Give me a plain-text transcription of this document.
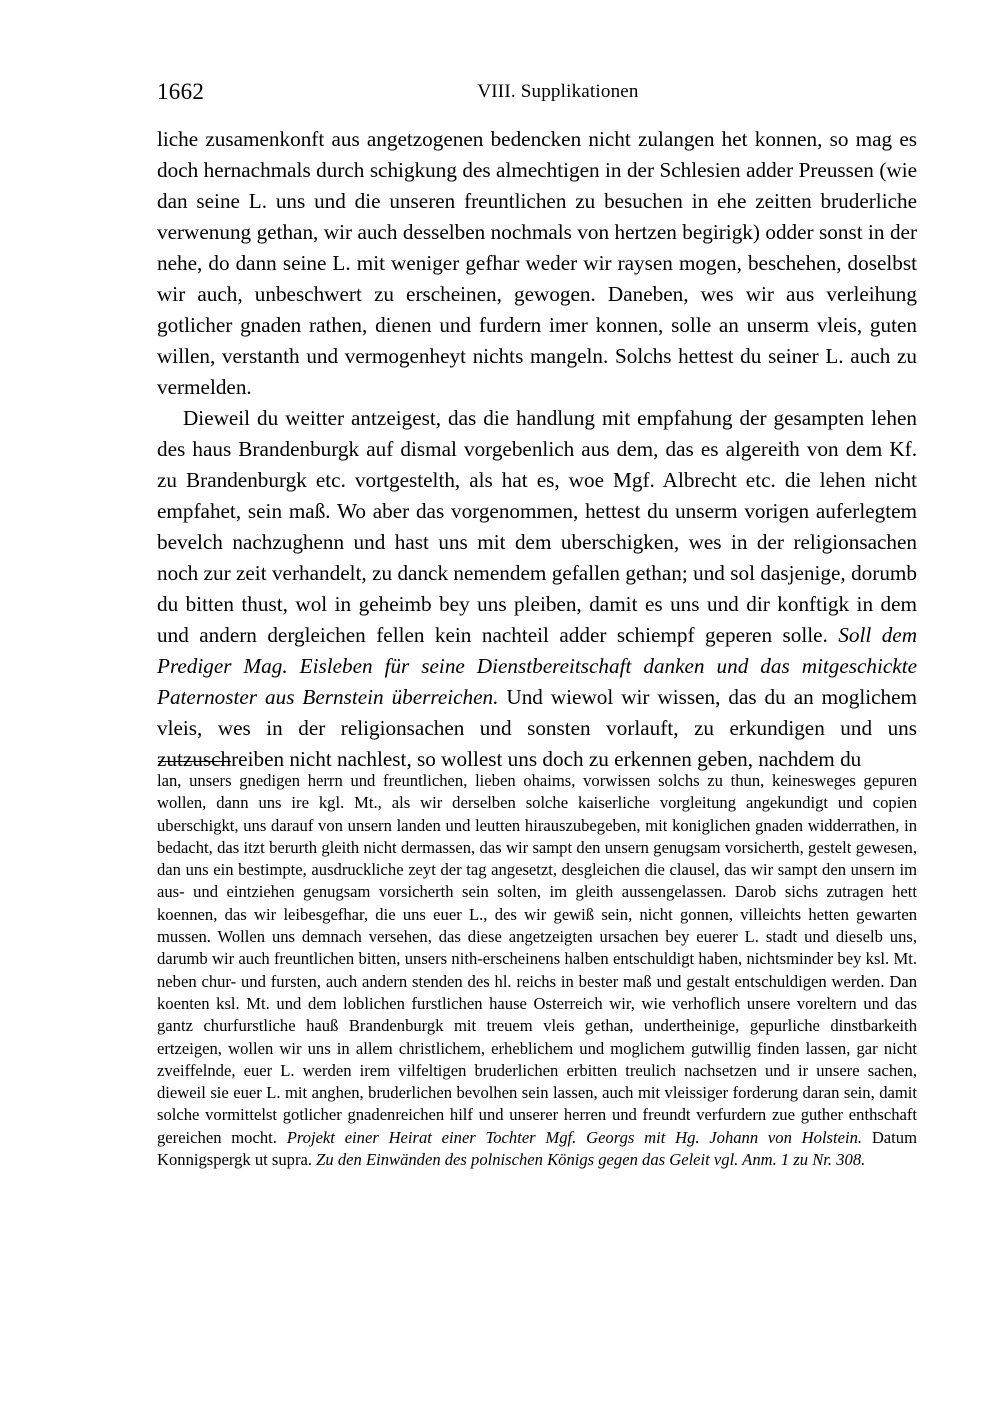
1662	VIII. Supplikationen

liche zusamenkonft aus angetzogenen bedencken nicht zulangen het konnen, so mag es doch hernachmals durch schigkung des almechtigen in der Schlesien adder Preussen (wie dan seine L. uns und die unseren freuntlichen zu besuchen in ehe zeitten bruderliche verwenung gethan, wir auch desselben nochmals von hertzen begirigk) odder sonst in der nehe, do dann seine L. mit weniger gefhar weder wir raysen mogen, beschehen, doselbst wir auch, unbeschwert zu erscheinen, gewogen. Daneben, wes wir aus verleihung gotlicher gnaden rathen, dienen und furdern imer konnen, solle an unserm vleis, guten willen, verstanth und vermogenheyt nichts mangeln. Solchs hettest du seiner L. auch zu vermelden.

Dieweil du weitter antzeigest, das die handlung mit empfahung der gesampten lehen des haus Brandenburgk auf dismal vorgebenlich aus dem, das es algereith von dem Kf. zu Brandenburgk etc. vortgestelth, als hat es, woe Mgf. Albrecht etc. die lehen nicht empfahet, sein maß. Wo aber das vorgenommen, hettest du unserm vorigen auferlegtem bevelch nachzughenn und hast uns mit dem uberschigken, wes in der religionsachen noch zur zeit verhandelt, zu danck nemendem gefallen gethan; und sol dasjenige, dorumb du bitten thust, wol in geheimb bey uns pleiben, damit es uns und dir konftigk in dem und andern dergleichen fellen kein nachteil adder schiempf geperen solle. Soll dem Prediger Mag. Eisleben für seine Dienstbereitschaft danken und das mitgeschickte Paternoster aus Bernstein überreichen. Und wiewol wir wissen, das du an moglichem vleis, wes in der religionsachen und sonsten vorlauft, zu erkundigen und uns zutzuschreiben nicht nachlest, so wollest uns doch zu erkennen geben, nachdem du

lan, unsers gnedigen herrn und freuntlichen, lieben ohaims, vorwissen solchs zu thun, keinesweges gepuren wollen, dann uns ire kgl. Mt., als wir derselben solche kaiserliche vorgleitung angekundigt und copien uberschigkt, uns darauf von unsern landen und leutten hirauszubegeben, mit koniglichen gnaden widderrathen, in bedacht, das itzt berurth gleith nicht dermassen, das wir sampt den unsern genugsam vorsicherth, gestelt gewesen, dan uns ein bestimpte, ausdruckliche zeyt der tag angesetzt, desgleichen die clausel, das wir sampt den unsern im aus- und eintziehen genugsam vorsicherth sein solten, im gleith aussengelassen. Darob sichs zutragen hett koennen, das wir leibesgefhar, die uns euer L., des wir gewiß sein, nicht gonnen, villeichts hetten gewarten mussen. Wollen uns demnach versehen, das diese angetzeigten ursachen bey euerer L. stadt und dieselb uns, darumb wir auch freuntlichen bitten, unsers nith-erscheinens halben entschuldigt haben, nichtsminder bey ksl. Mt. neben chur- und fursten, auch andern stenden des hl. reichs in bester maß und gestalt entschuldigen werden. Dan koenten ksl. Mt. und dem loblichen furstlichen hause Osterreich wir, wie verhoflich unsere voreltern und das gantz churfurstliche hauß Brandenburgk mit treuem vleis gethan, undertheinige, gepurliche dinstbarkeith ertzeigen, wollen wir uns in allem christlichem, erheblichem und moglichem gutwillig finden lassen, gar nicht zveiffelnde, euer L. werden irem vilfeltigen bruderlichen erbitten treulich nachsetzen und ir unsere sachen, dieweil sie euer L. mit anghen, bruderlichen bevolhen sein lassen, auch mit vleissiger forderung daran sein, damit solche vormittelst gotlicher gnadenreichen hilf und unserer herren und freundt verfurdern zue guther enthschaft gereichen mocht. Projekt einer Heirat einer Tochter Mgf. Georgs mit Hg. Johann von Holstein. Datum Konnigspergk ut supra. Zu den Einwänden des polnischen Königs gegen das Geleit vgl. Anm. 1 zu Nr. 308.
